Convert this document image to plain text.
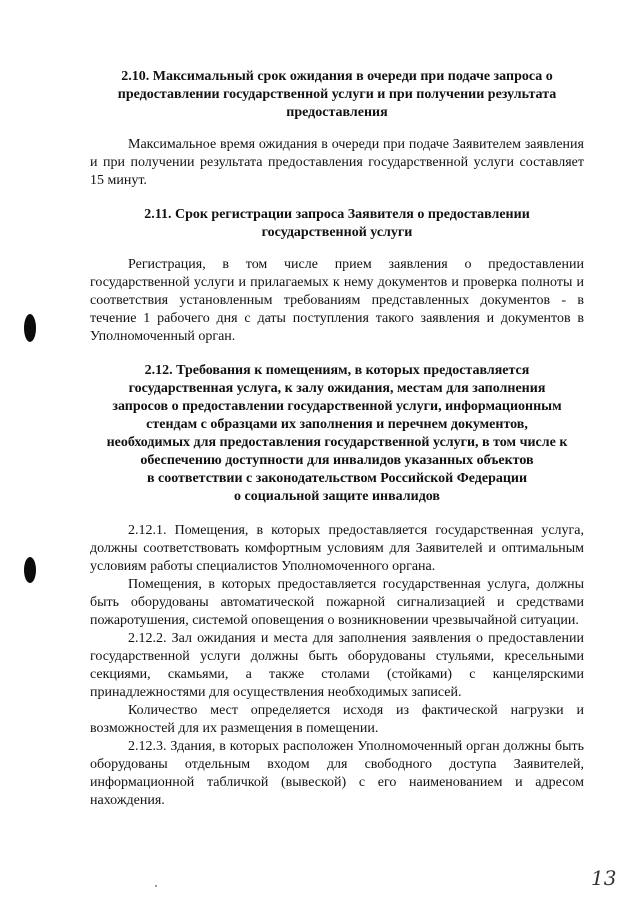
2.10. Максимальный срок ожидания в очереди при подаче запроса о
предоставлении государственной услуги и при получении результата
предоставления

Максимальное время ожидания в очереди при подаче Заявителем заявления и при получении результата предоставления государственной услуги составляет 15 минут.

2.11. Срок регистрации запроса Заявителя о предоставлении
государственной услуги

Регистрация, в том числе прием заявления о предоставлении государственной услуги и прилагаемых к нему документов и проверка полноты и соответствия установленным требованиям представленных документов - в течение 1 рабочего дня с даты поступления такого заявления и документов в Уполномоченный орган.

2.12. Требования к помещениям, в которых предоставляется
государственная услуга, к залу ожидания, местам для заполнения
запросов о предоставлении государственной услуги, информационным
стендам с образцами их заполнения и перечнем документов,
необходимых для предоставления государственной услуги, в том числе к
обеспечению доступности для инвалидов указанных объектов
в соответствии с законодательством Российской Федерации
о социальной защите инвалидов

2.12.1. Помещения, в которых предоставляется государственная услуга, должны соответствовать комфортным условиям для Заявителей и оптимальным условиям работы специалистов Уполномоченного органа.

Помещения, в которых предоставляется государственная услуга, должны быть оборудованы автоматической пожарной сигнализацией и средствами пожаротушения, системой оповещения о возникновении чрезвычайной ситуации.

2.12.2. Зал ожидания и места для заполнения заявления о предоставлении государственной услуги должны быть оборудованы стульями, кресельными секциями, скамьями, а также столами (стойками) с канцелярскими принадлежностями для осуществления необходимых записей.

Количество мест определяется исходя из фактической нагрузки и возможностей для их размещения в помещении.

2.12.3. Здания, в которых расположен Уполномоченный орган должны быть оборудованы отдельным входом для свободного доступа Заявителей, информационной табличкой (вывеской) с его наименованием и адресом нахождения.

13
